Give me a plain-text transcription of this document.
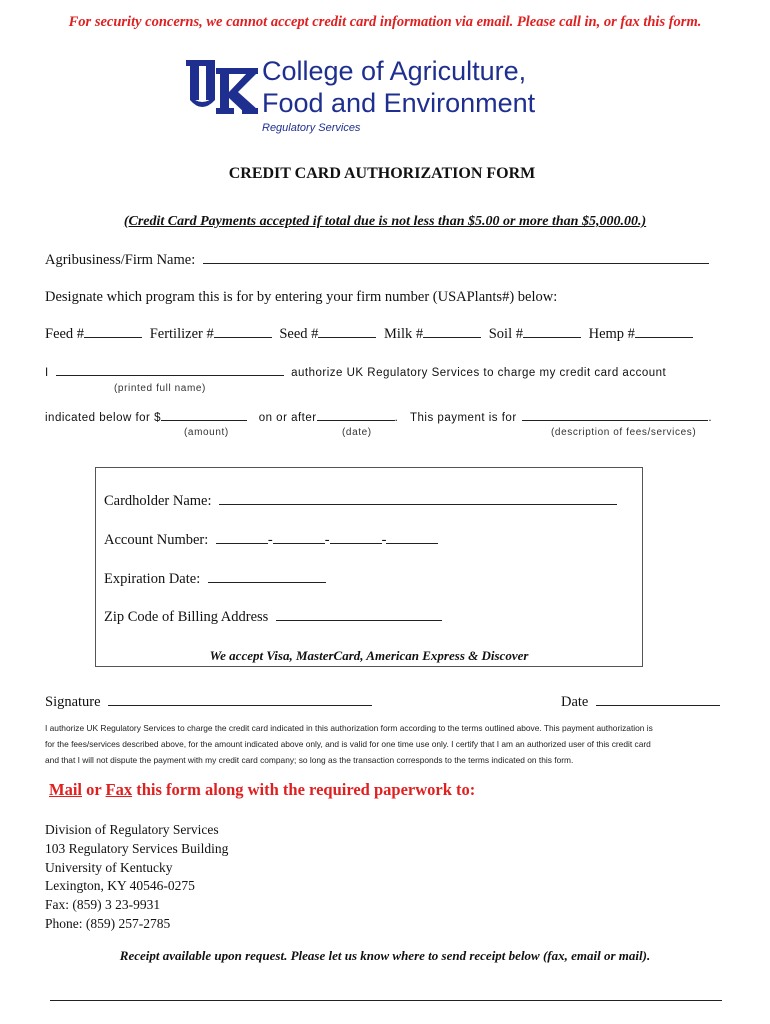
For security concerns, we cannot accept credit card information via email. Please call in, or fax this form.
College of Agriculture,
Food and Environment
Regulatory Services
CREDIT CARD AUTHORIZATION FORM
(Credit Card Payments accepted if total due is not less than $5.00 or more than $5,000.00.)
Agribusiness/Firm Name:
Designate which program this is for by entering your firm number (USAPlants#) below:
Feed #	Fertilizer #	Seed #	Milk #	Soil #	Hemp #
I	authorize UK Regulatory Services to charge my credit card account
(printed full name)
indicated below for $	on or after	. This payment is for	.
(amount)	(date)	(description of fees/services)
Cardholder Name:
Account Number:	-	-	-
Expiration Date:
Zip Code of Billing Address
We accept Visa, MasterCard, American Express & Discover
Signature	Date
I authorize UK Regulatory Services to charge the credit card indicated in this authorization form according to the terms outlined above. This payment authorization is
for the fees/services described above, for the amount indicated above only, and is valid for one time use only. I certify that I am an authorized user of this credit card
and that I will not dispute the payment with my credit card company; so long as the transaction corresponds to the terms indicated on this form.
Mail or Fax this form along with the required paperwork to:
Division of Regulatory Services
103 Regulatory Services Building
University of Kentucky
Lexington, KY 40546-0275
Fax: (859) 3 23-9931
Phone: (859) 257-2785
Receipt available upon request. Please let us know where to send receipt below (fax, email or mail).
